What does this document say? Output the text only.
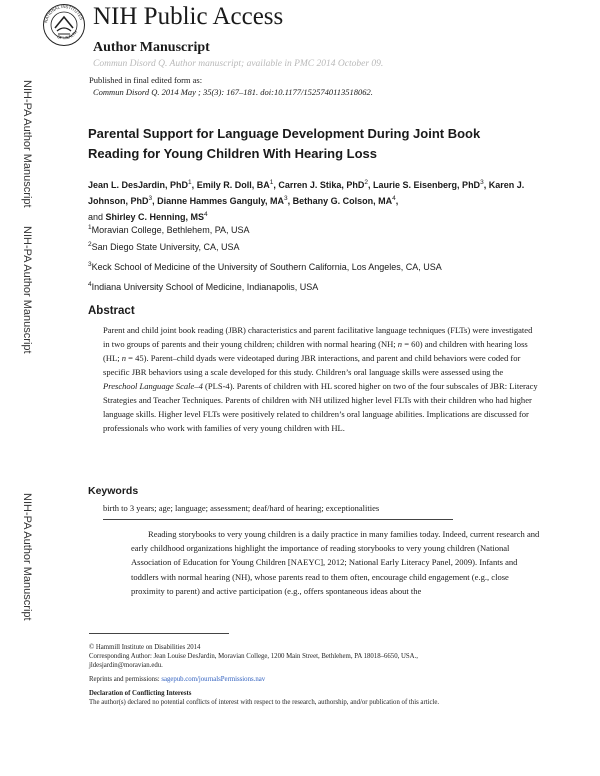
NATIONAL INSTITUTES
OF HEALTH
NIH Public Access
Author Manuscript
Commun Disord Q. Author manuscript; available in PMC 2014 October 09.
Published in final edited form as:
Commun Disord Q. 2014 May ; 35(3): 167–181. doi:10.1177/1525740113518062.
NIH-PA Author Manuscript
NIH-PA Author Manuscript
NIH-PA Author Manuscript
Parental Support for Language Development During Joint Book
Reading for Young Children With Hearing Loss
Jean L. DesJardin, PhD$^1$, Emily R. Doll, $BA^1$, Carren J. Stika, PhD$^2$, Laurie S. Eisenberg, PhD$^3$, Karen J. Johnson, PhD$^3$, Dianne Hammes Ganguly, $MA^3$, Bethany G. Colson, $MA^4$,
and Shirley C. Henning, $MS^4$
$^1$Moravian College, Bethlehem, PA, USA
$^2$San Diego State University, CA, USA
$^3$Keck School of Medicine of the University of Southern California, Los Angeles, CA, USA
$^4$Indiana University School of Medicine, Indianapolis, USA
Abstract

Parent and child joint book reading (JBR) characteristics and parent facilitative language techniques (FLTs) were investigated in two groups of parents and their young children; children with normal hearing (NH; n = 60) and children with hearing loss (HL; n = 45). Parent–child dyads were videotaped during JBR interactions, and parent and child behaviors were coded for specific JBR behaviors using a scale developed for this study. Children’s oral language skills were assessed using the Preschool Language Scale–4 (PLS-4). Parents of children with HL scored higher on two of the four subscales of JBR: Literacy Strategies and Teacher Techniques. Parents of children with NH utilized higher level FLTs with their children who had higher language skills. Higher level FLTs were positively related to children’s oral language abilities. Implications are discussed for professionals who work with families of very young children with HL.

Keywords
birth to 3 years; age; language; assessment; deaf/hard of hearing; exceptionalities

Reading storybooks to very young children is a daily practice in many families today. Indeed, current research and early childhood organizations highlight the importance of reading storybooks to very young children (National Association of Education for Young Children [NAEYC], 2012; National Early Literacy Panel, 2009). Infants and toddlers with normal hearing (NH), whose parents read to them often, encourage child engagement (e.g., close proximity to parent) and active participation (e.g., offers spontaneous ideas about the

© Hammill Institute on Disabilities 2014
Corresponding Author: Jean Louise DesJardin, Moravian College, 1200 Main Street, Bethlehem, PA 18018–6650, USA.,
jldesjardin@moravian.edu.
Reprints and permissions: sagepub.com/journalsPermissions.nav
Declaration of Conflicting Interests
The author(s) declared no potential conflicts of interest with respect to the research, authorship, and/or publication of this article.
